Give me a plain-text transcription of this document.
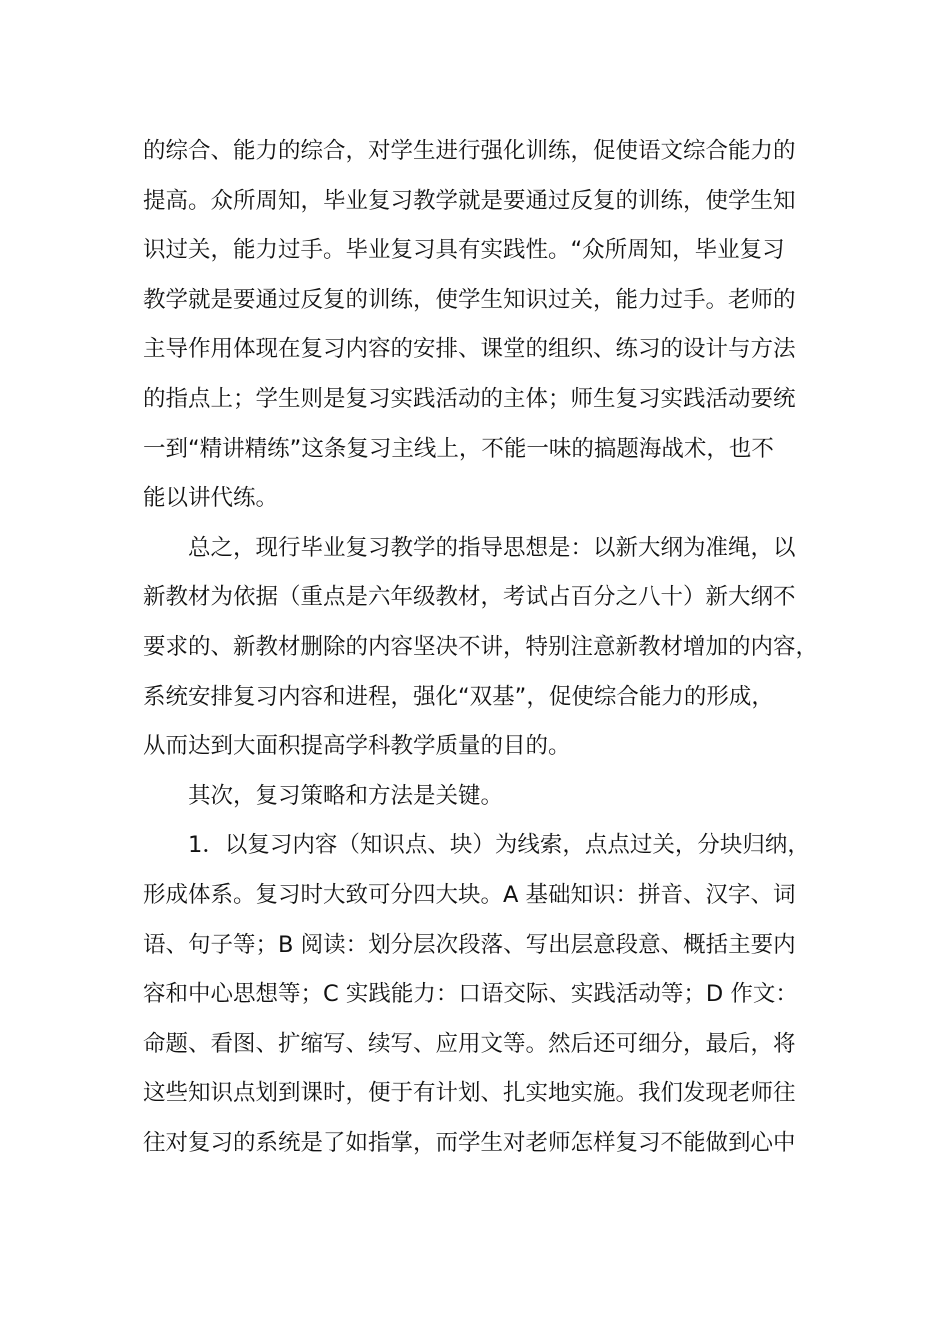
的综合、能力的综合，对学生进行强化训练，促使语文综合能力的
提高。众所周知，毕业复习教学就是要通过反复的训练，使学生知
识过关，能力过手。毕业复习具有实践性。“众所周知，毕业复习
教学就是要通过反复的训练，使学生知识过关，能力过手。老师的
主导作用体现在复习内容的安排、课堂的组织、练习的设计与方法
的指点上；学生则是复习实践活动的主体；师生复习实践活动要统
一到“精讲精练”这条复习主线上，不能一味的搞题海战术，也不
能以讲代练。
总之，现行毕业复习教学的指导思想是：以新大纲为准绳，以
新教材为依据（重点是六年级教材，考试占百分之八十）新大纲不
要求的、新教材删除的内容坚决不讲，特别注意新教材增加的内容，
系统安排复习内容和进程，强化“双基”，促使综合能力的形成，
从而达到大面积提高学科教学质量的目的。
其次，复习策略和方法是关键。
1．以复习内容（知识点、块）为线索，点点过关，分块归纳，
形成体系。复习时大致可分四大块。A 基础知识：拼音、汉字、词
语、句子等；B 阅读：划分层次段落、写出层意段意、概括主要内
容和中心思想等；C 实践能力：口语交际、实践活动等；D 作文：
命题、看图、扩缩写、续写、应用文等。然后还可细分，最后，将
这些知识点划到课时，便于有计划、扎实地实施。我们发现老师往
往对复习的系统是了如指掌，而学生对老师怎样复习不能做到心中
